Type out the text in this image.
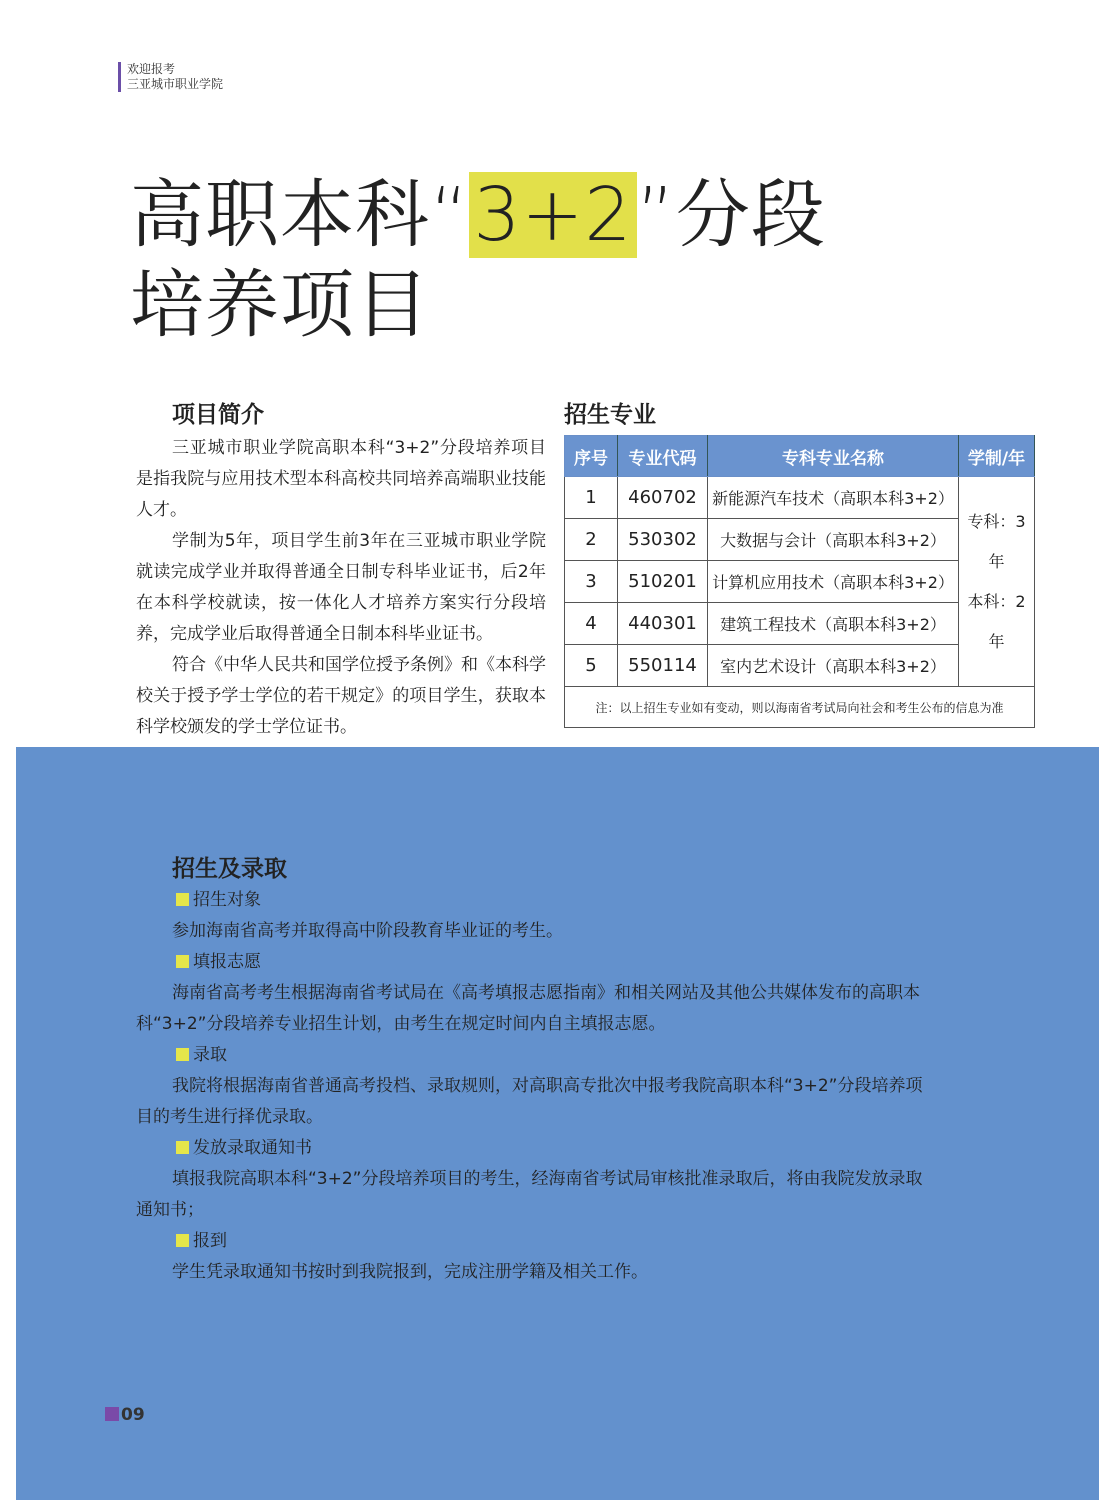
欢迎报考
三亚城市职业学院
高职本科“3+2”分段
培养项目
项目简介

三亚城市职业学院高职本科“3+2”分段培养项目是指我院与应用技术型本科高校共同培养高端职业技能人才。

学制为5年，项目学生前3年在三亚城市职业学院就读完成学业并取得普通全日制专科毕业证书，后2年在本科学校就读，按一体化人才培养方案实行分段培养，完成学业后取得普通全日制本科毕业证书。

符合《中华人民共和国学位授予条例》和《本科学校关于授予学士学位的若干规定》的项目学生，获取本科学校颁发的学士学位证书。

招生专业
序号	专业代码	专科专业名称	学制/年
1	460702	新能源汽车技术（高职本科3+2）	专科：3年
本科：2年

2	530302	大数据与会计（高职本科3+2）	
3	510201	计算机应用技术（高职本科3+2）	
4	440301	建筑工程技术（高职本科3+2）	
5	550114	室内艺术设计（高职本科3+2）	
注：以上招生专业如有变动，则以海南省考试局向社会和考生公布的信息为准			
招生及录取
招生对象

参加海南省高考并取得高中阶段教育毕业证的考生。

填报志愿

海南省高考考生根据海南省考试局在《高考填报志愿指南》和相关网站及其他公共媒体发布的高职本科“3+2”分段培养专业招生计划，由考生在规定时间内自主填报志愿。

录取

我院将根据海南省普通高考投档、录取规则，对高职高专批次中报考我院高职本科“3+2”分段培养项目的考生进行择优录取。

发放录取通知书

填报我院高职本科“3+2”分段培养项目的考生，经海南省考试局审核批准录取后，将由我院发放录取通知书；

报到

学生凭录取通知书按时到我院报到，完成注册学籍及相关工作。

09
